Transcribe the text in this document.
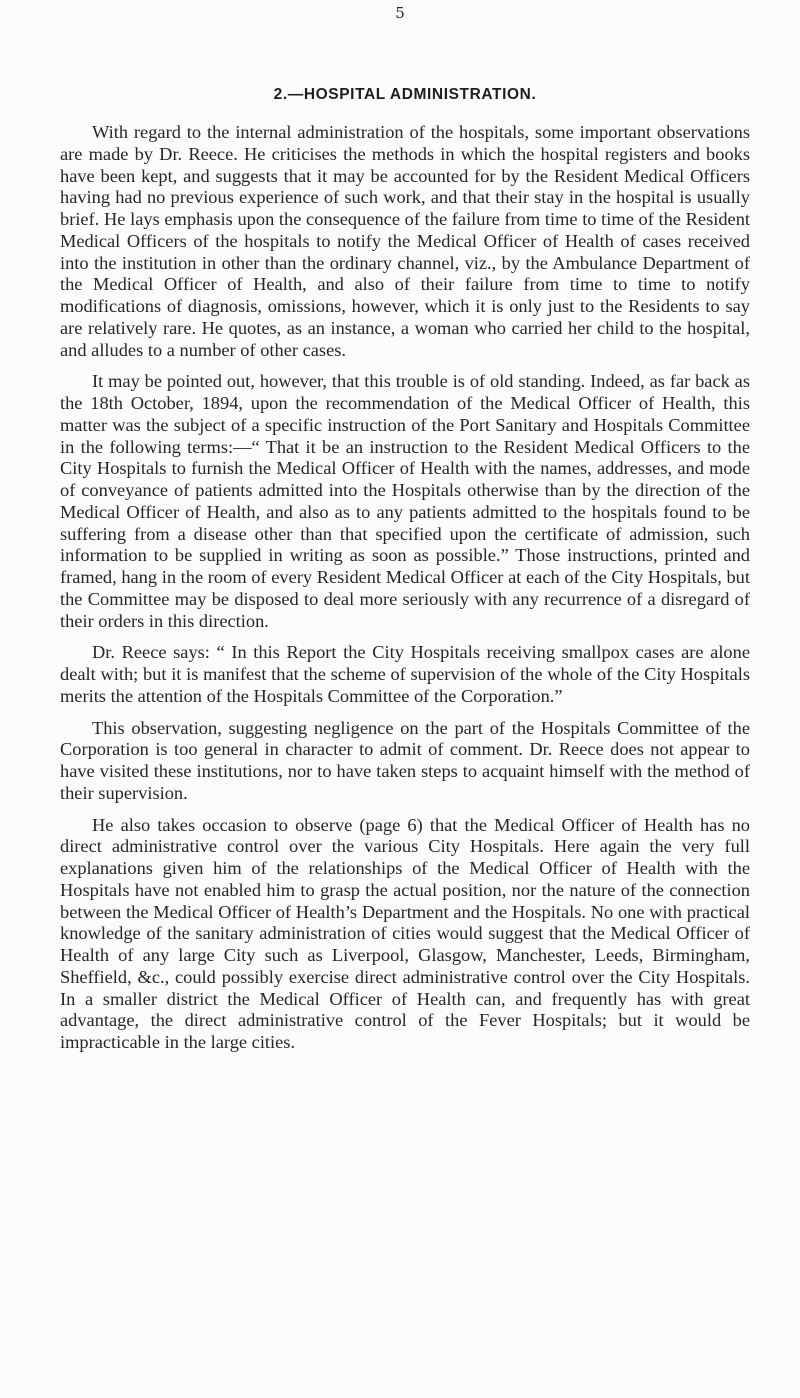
5
2.—HOSPITAL ADMINISTRATION.

With regard to the internal administration of the hospitals, some important observations are made by Dr. Reece. He criticises the methods in which the hospital registers and books have been kept, and suggests that it may be accounted for by the Resident Medical Officers having had no previous experience of such work, and that their stay in the hospital is usually brief. He lays emphasis upon the consequence of the failure from time to time of the Resident Medical Officers of the hospitals to notify the Medical Officer of Health of cases received into the institution in other than the ordinary channel, viz., by the Ambulance Department of the Medical Officer of Health, and also of their failure from time to time to notify modifications of diagnosis, omissions, however, which it is only just to the Residents to say are relatively rare. He quotes, as an instance, a woman who carried her child to the hospital, and alludes to a number of other cases.

It may be pointed out, however, that this trouble is of old standing. Indeed, as far back as the 18th October, 1894, upon the recommendation of the Medical Officer of Health, this matter was the subject of a specific instruction of the Port Sanitary and Hospitals Committee in the following terms:—“ That it be an instruction to the Resident Medical Officers to the City Hospitals to furnish the Medical Officer of Health with the names, addresses, and mode of conveyance of patients admitted into the Hospitals otherwise than by the direction of the Medical Officer of Health, and also as to any patients admitted to the hospitals found to be suffering from a disease other than that specified upon the certificate of admission, such information to be supplied in writing as soon as possible.” Those instructions, printed and framed, hang in the room of every Resident Medical Officer at each of the City Hospitals, but the Committee may be disposed to deal more seriously with any recurrence of a disregard of their orders in this direction.

Dr. Reece says: “ In this Report the City Hospitals receiving smallpox cases are alone dealt with; but it is manifest that the scheme of supervision of the whole of the City Hospitals merits the attention of the Hospitals Committee of the Corporation.”

This observation, suggesting negligence on the part of the Hospitals Committee of the Corporation is too general in character to admit of comment. Dr. Reece does not appear to have visited these institutions, nor to have taken steps to acquaint himself with the method of their supervision.

He also takes occasion to observe (page 6) that the Medical Officer of Health has no direct administrative control over the various City Hospitals. Here again the very full explanations given him of the relationships of the Medical Officer of Health with the Hospitals have not enabled him to grasp the actual position, nor the nature of the connection between the Medical Officer of Health’s Department and the Hospitals. No one with practical knowledge of the sanitary administration of cities would suggest that the Medical Officer of Health of any large City such as Liverpool, Glasgow, Manchester, Leeds, Birmingham, Sheffield, &c., could possibly exercise direct administrative control over the City Hospitals. In a smaller district the Medical Officer of Health can, and frequently has with great advantage, the direct administrative control of the Fever Hospitals; but it would be impracticable in the large cities.
